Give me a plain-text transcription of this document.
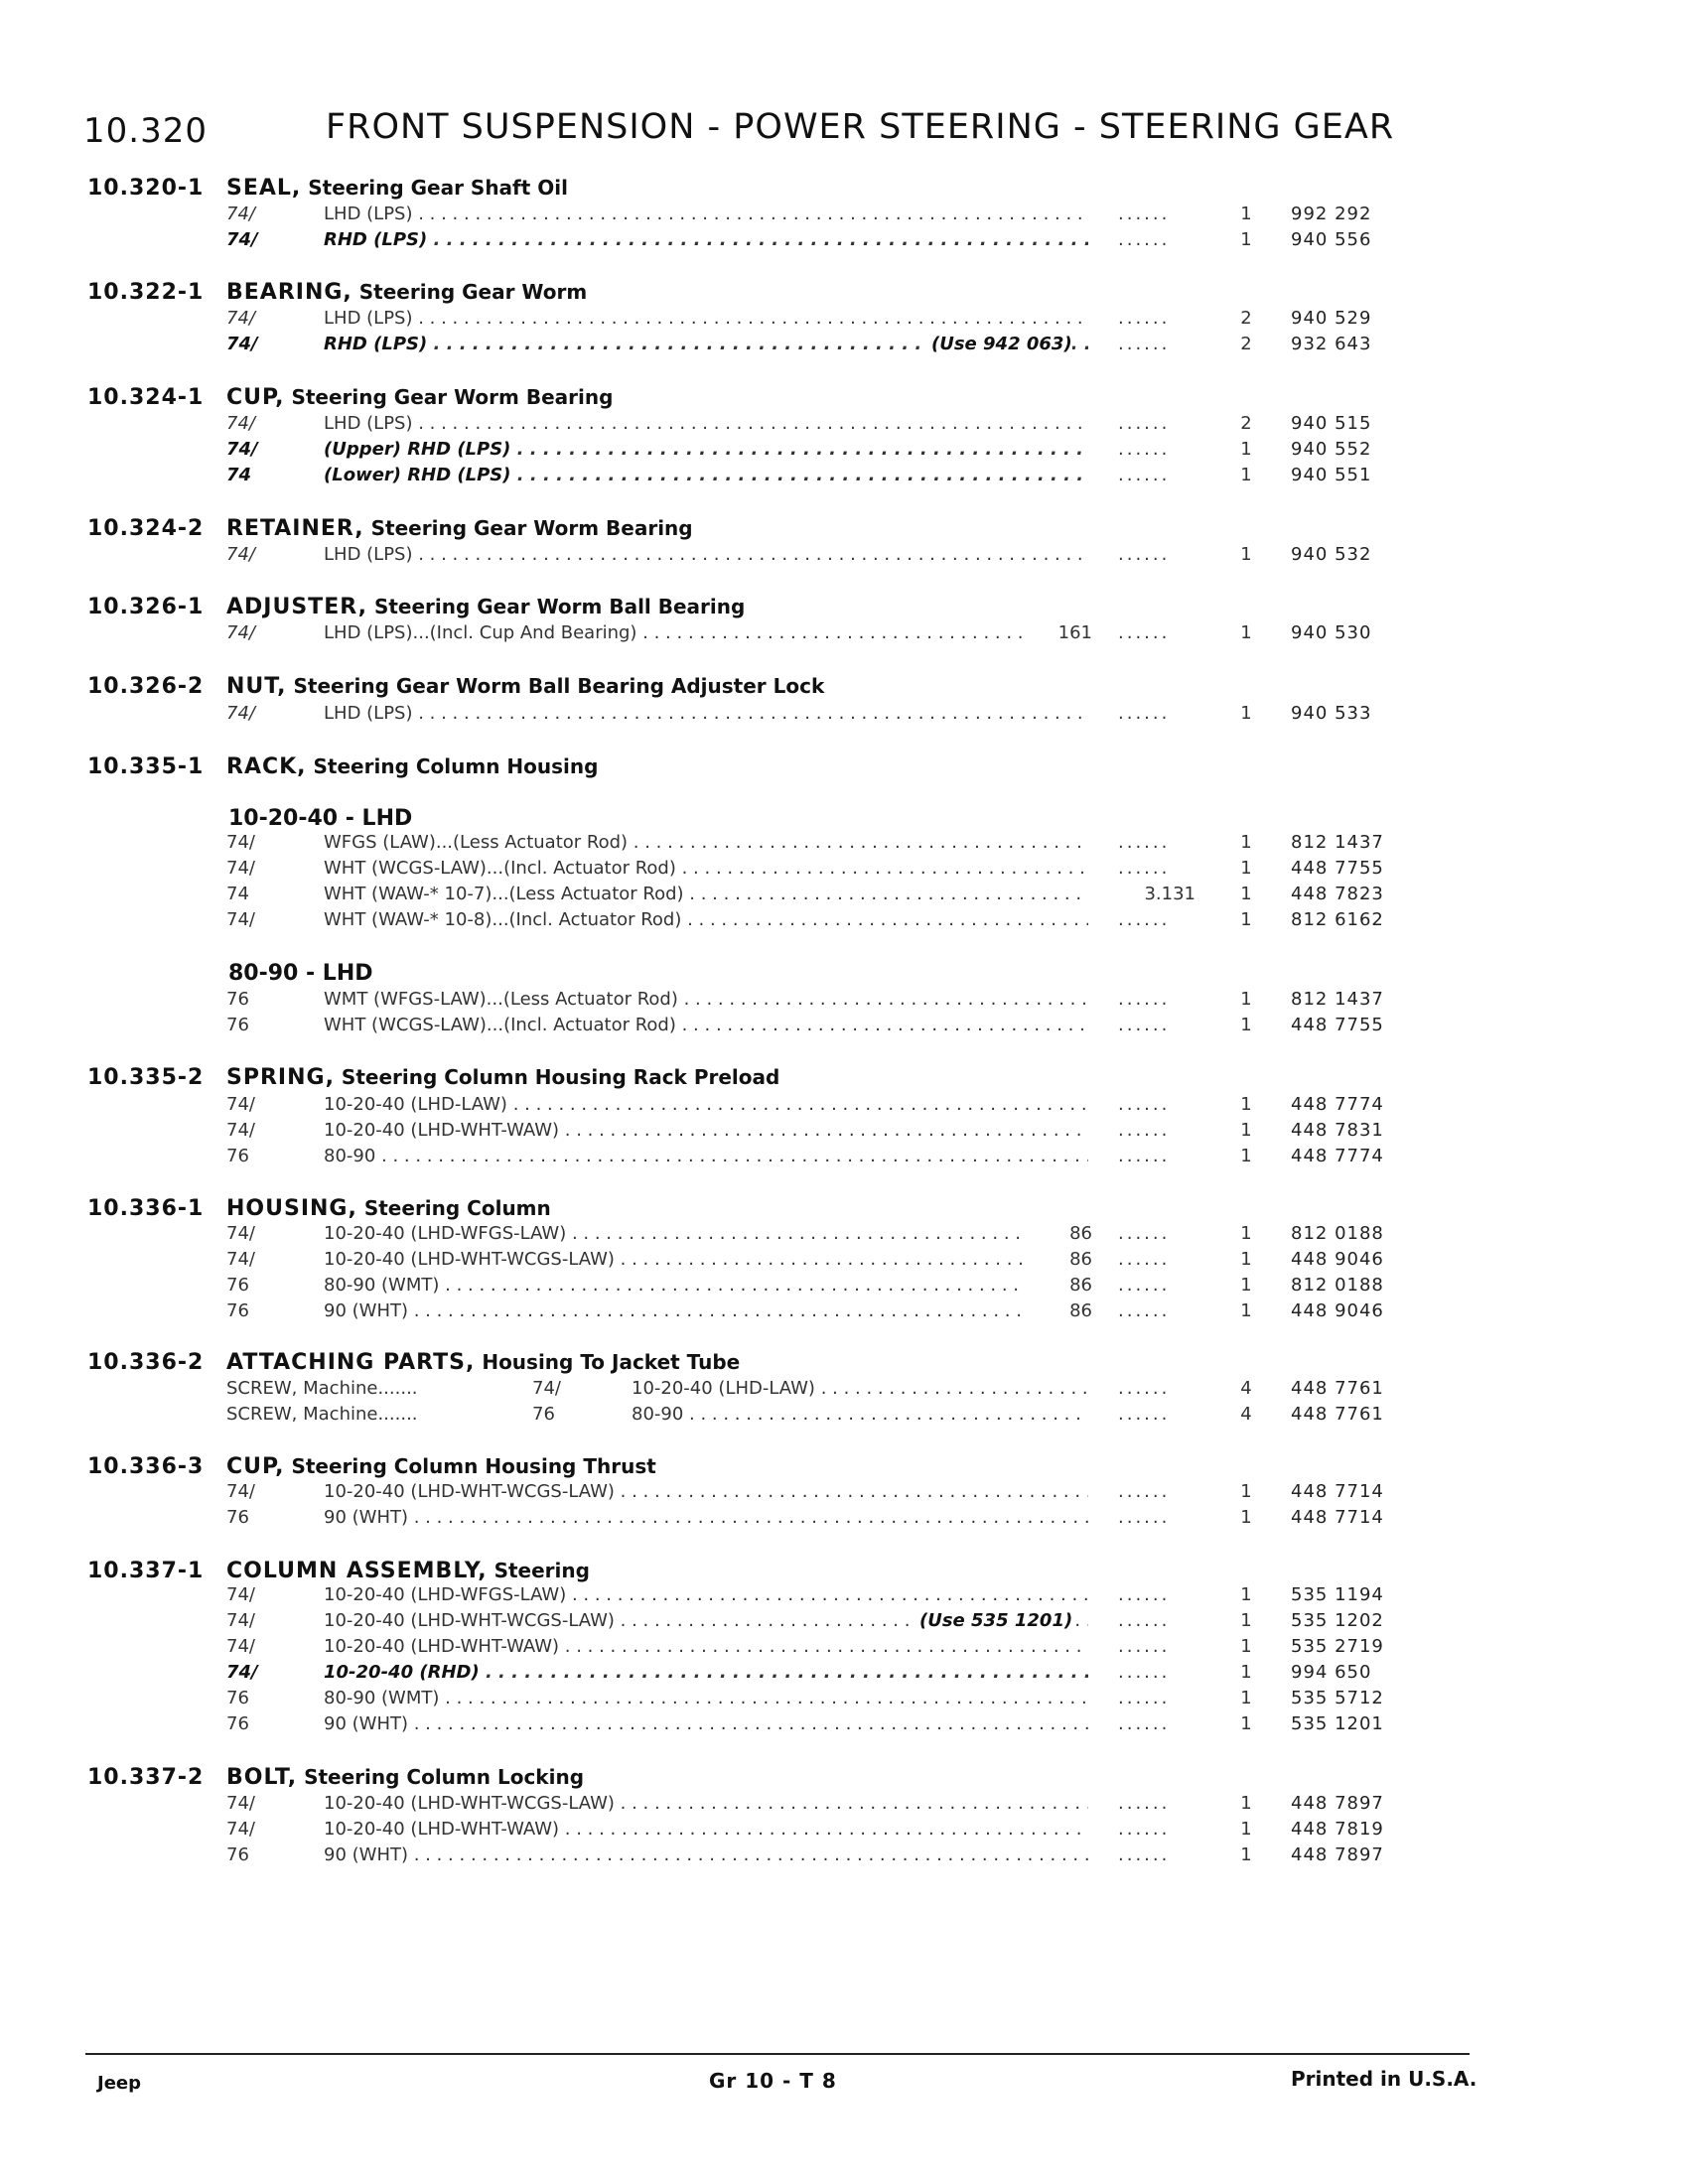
10.320	FRONT SUSPENSION - POWER STEERING - STEERING GEAR
10.320-1 SEAL, Steering Gear Shaft Oil
74/	LHD (LPS) . . .	......	1	992 292
74/	RHD (LPS) . . .	......	1	940 556
10.322-1 BEARING, Steering Gear Worm
74/	LHD (LPS) . . .	......	2	940 529
74/	RHD (LPS) . . .	(Use 942 063)	......	2	932 643
10.324-1 CUP, Steering Gear Worm Bearing
74/	LHD (LPS) . . .	......	2	940 515
74/	(Upper) RHD (LPS) . . .	......	1	940 552
74	(Lower) RHD (LPS) . . .	......	1	940 551
10.324-2 RETAINER, Steering Gear Worm Bearing
74/	LHD (LPS) . . .	......	1	940 532
10.326-1 ADJUSTER, Steering Gear Worm Ball Bearing
74/	LHD (LPS)...(Incl. Cup And Bearing) . . .	161 ......	1	940 530
10.326-2 NUT, Steering Gear Worm Ball Bearing Adjuster Lock
74/	LHD (LPS) . . .	......	1	940 533
10.335-1 RACK, Steering Column Housing
10-20-40 - LHD
74/	WFGS (LAW)...(Less Actuator Rod) . . .	......	1	812 1437
74/	WHT (WCGS-LAW)...(Incl. Actuator Rod) . . .	......	1	448 7755
74	WHT (WAW-* 10-7)...(Less Actuator Rod) . . .	3.131	1	448 7823
74/	WHT (WAW-* 10-8)...(Incl. Actuator Rod) . . .	......	1	812 6162
80-90 - LHD
76	WMT (WFGS-LAW)...(Less Actuator Rod) . . .	......	1	812 1437
76	WHT (WCGS-LAW)...(Incl. Actuator Rod) . . .	......	1	448 7755
10.335-2 SPRING, Steering Column Housing Rack Preload
74/	10-20-40 (LHD-LAW) . . .	......	1	448 7774
74/	10-20-40 (LHD-WHT-WAW) . . .	......	1	448 7831
76	80-90 . . .	......	1	448 7774
10.336-1 HOUSING, Steering Column
74/	10-20-40 (LHD-WFGS-LAW) . . .	86 ......	1	812 0188
74/	10-20-40 (LHD-WHT-WCGS-LAW) . . .	86 ......	1	448 9046
76	80-90 (WMT) . . .	86 ......	1	812 0188
76	90 (WHT) . . .	86 ......	1	448 9046
10.336-2 ATTACHING PARTS, Housing To Jacket Tube
SCREW, Machine.......	74/	10-20-40 (LHD-LAW) . . .	......	4	448 7761
SCREW, Machine.......	76	80-90 . . .	......	4	448 7761
10.336-3 CUP, Steering Column Housing Thrust
74/	10-20-40 (LHD-WHT-WCGS-LAW) . . .	......	1	448 7714
76	90 (WHT) . . .	......	1	448 7714
10.337-1 COLUMN ASSEMBLY, Steering
74/	10-20-40 (LHD-WFGS-LAW) . . .	......	1	535 1194
74/	10-20-40 (LHD-WHT-WCGS-LAW) . . .	(Use 535 1201)	......	1	535 1202
74/	10-20-40 (LHD-WHT-WAW) . . .	......	1	535 2719
74/	10-20-40 (RHD) . . .	......	1	994 650
76	80-90 (WMT) . . .	......	1	535 5712
76	90 (WHT) . . .	......	1	535 1201
10.337-2 BOLT, Steering Column Locking
74/	10-20-40 (LHD-WHT-WCGS-LAW) . . .	......	1	448 7897
74/	10-20-40 (LHD-WHT-WAW) . . .	......	1	448 7819
76	90 (WHT) . . .	......	1	448 7897
Jeep	Gr 10 - T 8	Printed in U.S.A.
